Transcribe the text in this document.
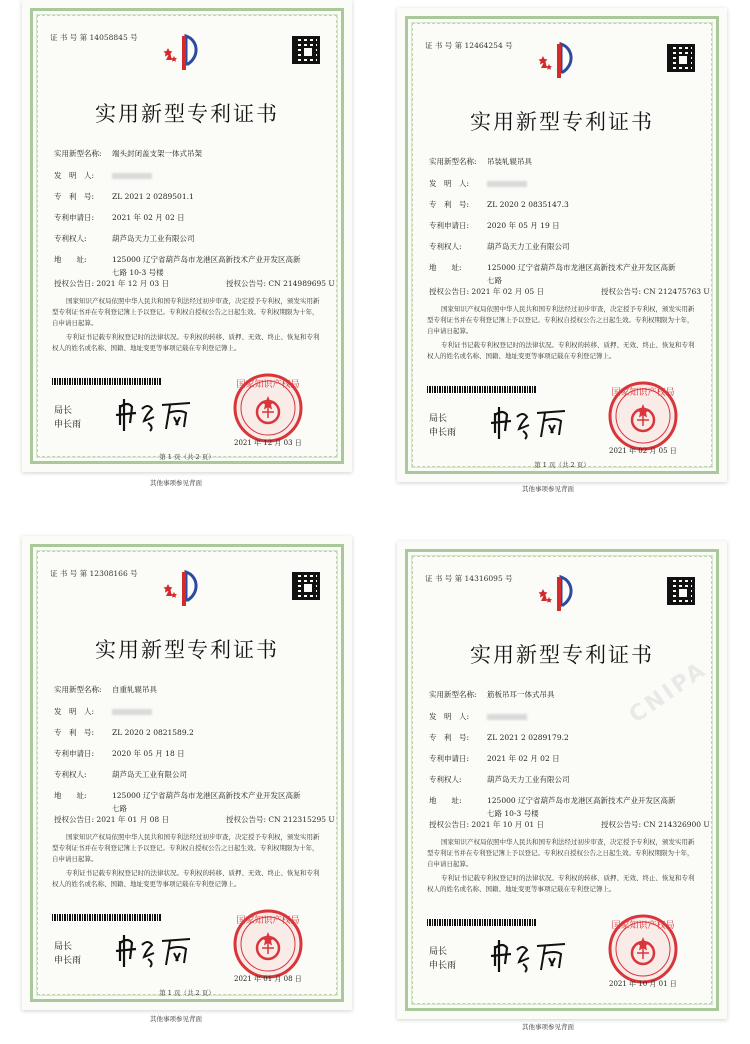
证 书 号 第 14058845 号
实用新型专利证书
实用新型名称: 端头封闭盖支架一体式吊架
发　明　人:
专　利　号: ZL 2021 2 0289501.1
专利申请日: 2021 年 02 月 02 日
专利权人:	葫芦岛天力工业有限公司
地　　址:	125000 辽宁省葫芦岛市龙港区高新技术产业开发区高新
七路 10-3 号楼
授权公告日: 2021 年 12 月 03 日	授权公告号: CN 214989695 U
国家知识产权局依照中华人民共和国专利法经过初步审查，决定授予专利权，颁发实用新型专利证书并在专利登记簿上予以登记。专利权自授权公告之日起生效。专利权期限为十年，自申请日起算。
专利证书记载专利权登记时的法律状况。专利权的转移、质押、无效、终止、恢复和专利权人的姓名或名称、国籍、地址变更等事项记载在专利登记簿上。
局长
申长雨
国家知识产权局
2021 年 12 月 03 日
第 1 页（共 2 页）
证 书 号 第 12464254 号
实用新型专利证书
实用新型名称: 吊装轧辊吊具
发　明　人:
专　利　号: ZL 2020 2 0835147.3
专利申请日: 2020 年 05 月 19 日
专利权人:	葫芦岛天力工业有限公司
地　　址:	125000 辽宁省葫芦岛市龙港区高新技术产业开发区高新
七路
授权公告日: 2021 年 02 月 05 日	授权公告号: CN 212475763 U
国家知识产权局依照中华人民共和国专利法经过初步审查，决定授予专利权，颁发实用新型专利证书并在专利登记簿上予以登记。专利权自授权公告之日起生效。专利权期限为十年，自申请日起算。
专利证书记载专利权登记时的法律状况。专利权的转移、质押、无效、终止、恢复和专利权人的姓名或名称、国籍、地址变更等事项记载在专利登记簿上。
局长
申长雨
国家知识产权局
2021 年 02 月 05 日
第 1 页（共 2 页）
证 书 号 第 12308166 号
实用新型专利证书
实用新型名称: 自重轧辊吊具
发　明　人:
专　利　号: ZL 2020 2 0821589.2
专利申请日: 2020 年 05 月 18 日
专利权人:	葫芦岛天工业有限公司
地　　址:	125000 辽宁省葫芦岛市龙港区高新技术产业开发区高新
七路
授权公告日: 2021 年 01 月 08 日	授权公告号: CN 212315295 U
国家知识产权局依照中华人民共和国专利法经过初步审查，决定授予专利权，颁发实用新型专利证书并在专利登记簿上予以登记。专利权自授权公告之日起生效。专利权期限为十年，自申请日起算。
专利证书记载专利权登记时的法律状况。专利权的转移、质押、无效、终止、恢复和专利权人的姓名或名称、国籍、地址变更等事项记载在专利登记簿上。
局长
申长雨
国家知识产权局
2021 年 01 月 08 日
第 1 页（共 2 页）
证 书 号 第 14316095 号
实用新型专利证书
实用新型名称: 筋板吊耳一体式吊具
发　明　人:
专　利　号: ZL 2021 2 0289179.2
专利申请日: 2021 年 02 月 02 日
专利权人:	葫芦岛天力工业有限公司
地　　址:	125000 辽宁省葫芦岛市龙港区高新技术产业开发区高新
七路 10-3 号楼
授权公告日: 2021 年 10 月 01 日	授权公告号: CN 214326900 U
国家知识产权局依照中华人民共和国专利法经过初步审查，决定授予专利权，颁发实用新型专利证书并在专利登记簿上予以登记。专利权自授权公告之日起生效。专利权期限为十年，自申请日起算。
专利证书记载专利权登记时的法律状况。专利权的转移、质押、无效、终止、恢复和专利权人的姓名或名称、国籍、地址变更等事项记载在专利登记簿上。
局长
申长雨
国家知识产权局
2021 年 10 月 01 日
其他事项参见背面
其他事项参见背面
其他事项参见背面
其他事项参见背面
CNIPA
